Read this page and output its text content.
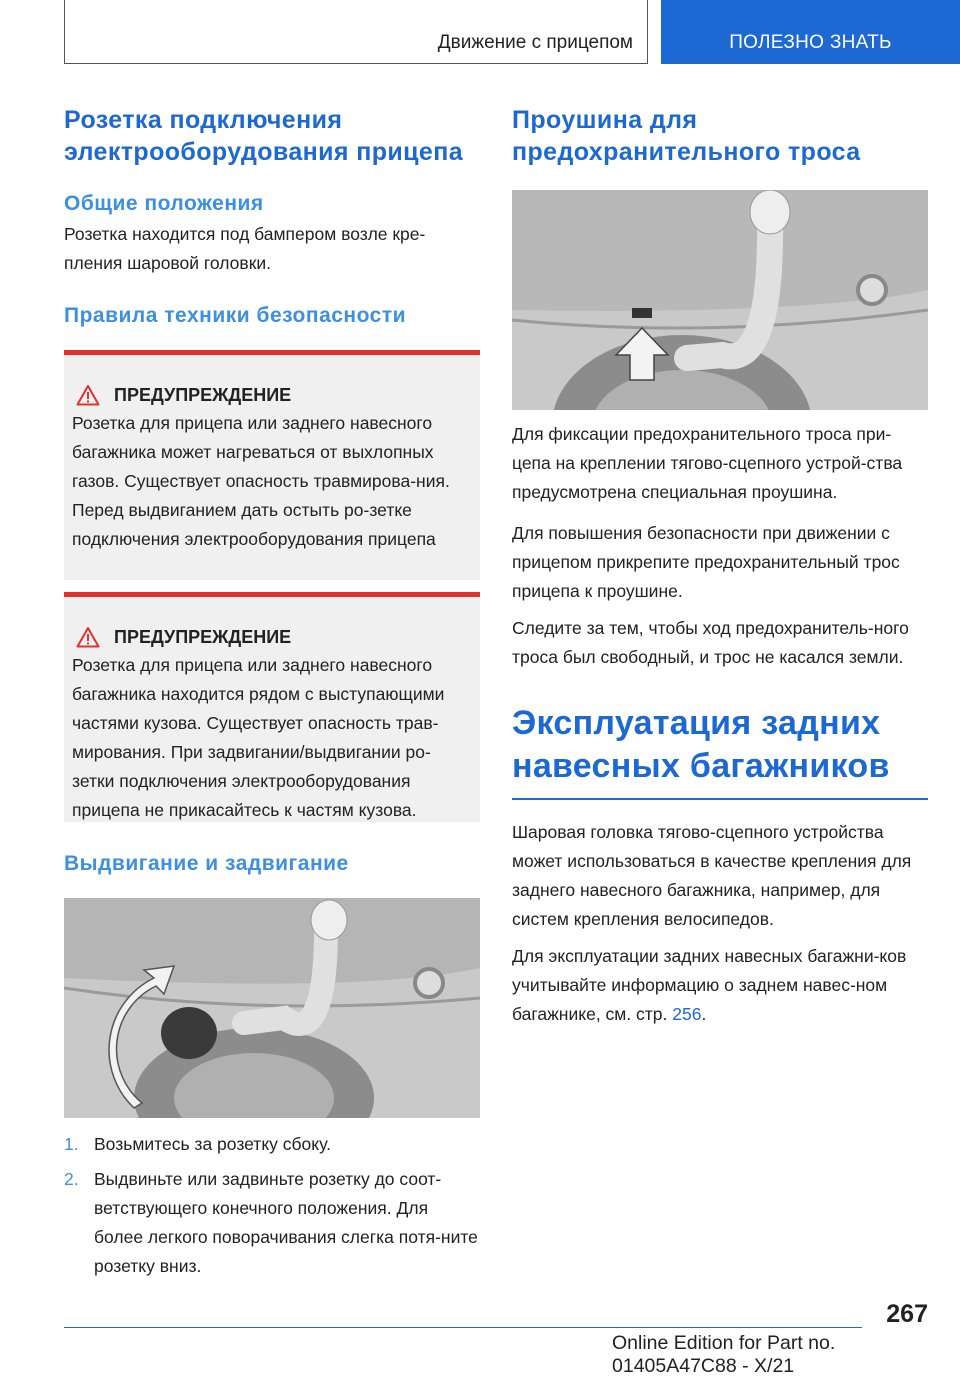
Движение с прицепом	ПОЛЕЗНО ЗНАТЬ
Розетка подключения электрооборудования прицепа
Общие положения

Розетка находится под бампером возле кре-пления шаровой головки.

Правила техники безопасности
ПРЕДУПРЕЖДЕНИЕ

Розетка для прицепа или заднего навесного багажника может нагреваться от выхлопных газов. Существует опасность травмирова-ния. Перед выдвиганием дать остыть ро-зетке подключения электрооборудования прицепа

ПРЕДУПРЕЖДЕНИЕ

Розетка для прицепа или заднего навесного багажника находится рядом с выступающими частями кузова. Существует опасность трав-мирования. При задвигании/выдвигании ро-зетки подключения электрооборудования прицепа не прикасайтесь к частям кузова.

Выдвигание и задвигание
1. Возьмитесь за розетку сбоку.
2. Выдвиньте или задвиньте розетку до соот-ветствующего конечного положения. Для более легкого поворачивания слегка потя-ните розетку вниз.
Проушина для предохранительного троса

Для фиксации предохранительного троса при-цепа на креплении тягово-сцепного устрой-ства предусмотрена специальная проушина.

Для повышения безопасности при движении с прицепом прикрепите предохранительный трос прицепа к проушине.

Следите за тем, чтобы ход предохранитель-ного троса был свободный, и трос не касался земли.

Эксплуатация задних навесных багажников

Шаровая головка тягово-сцепного устройства может использоваться в качестве крепления для заднего навесного багажника, например, для систем крепления велосипедов.

Для эксплуатации задних навесных багажни-ков учитывайте информацию о заднем навес-ном багажнике, см. стр. 256.

267
Online Edition for Part no. 01405A47C88 - X/21
